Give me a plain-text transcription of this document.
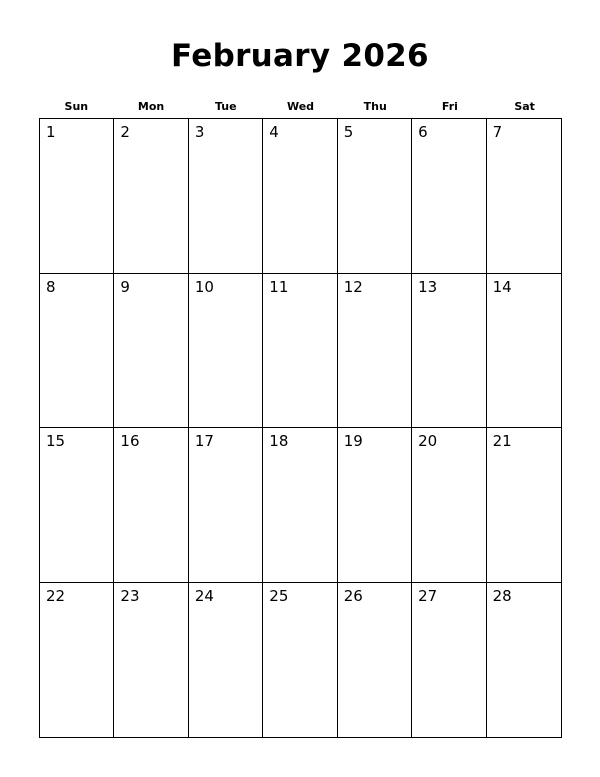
February 2026
Sun	Mon	Tue	Wed	Thu	Fri	Sat
1	2	3	4	5	6	7
8	9	10	11	12	13	14
15	16	17	18	19	20	21
22	23	24	25	26	27	28
